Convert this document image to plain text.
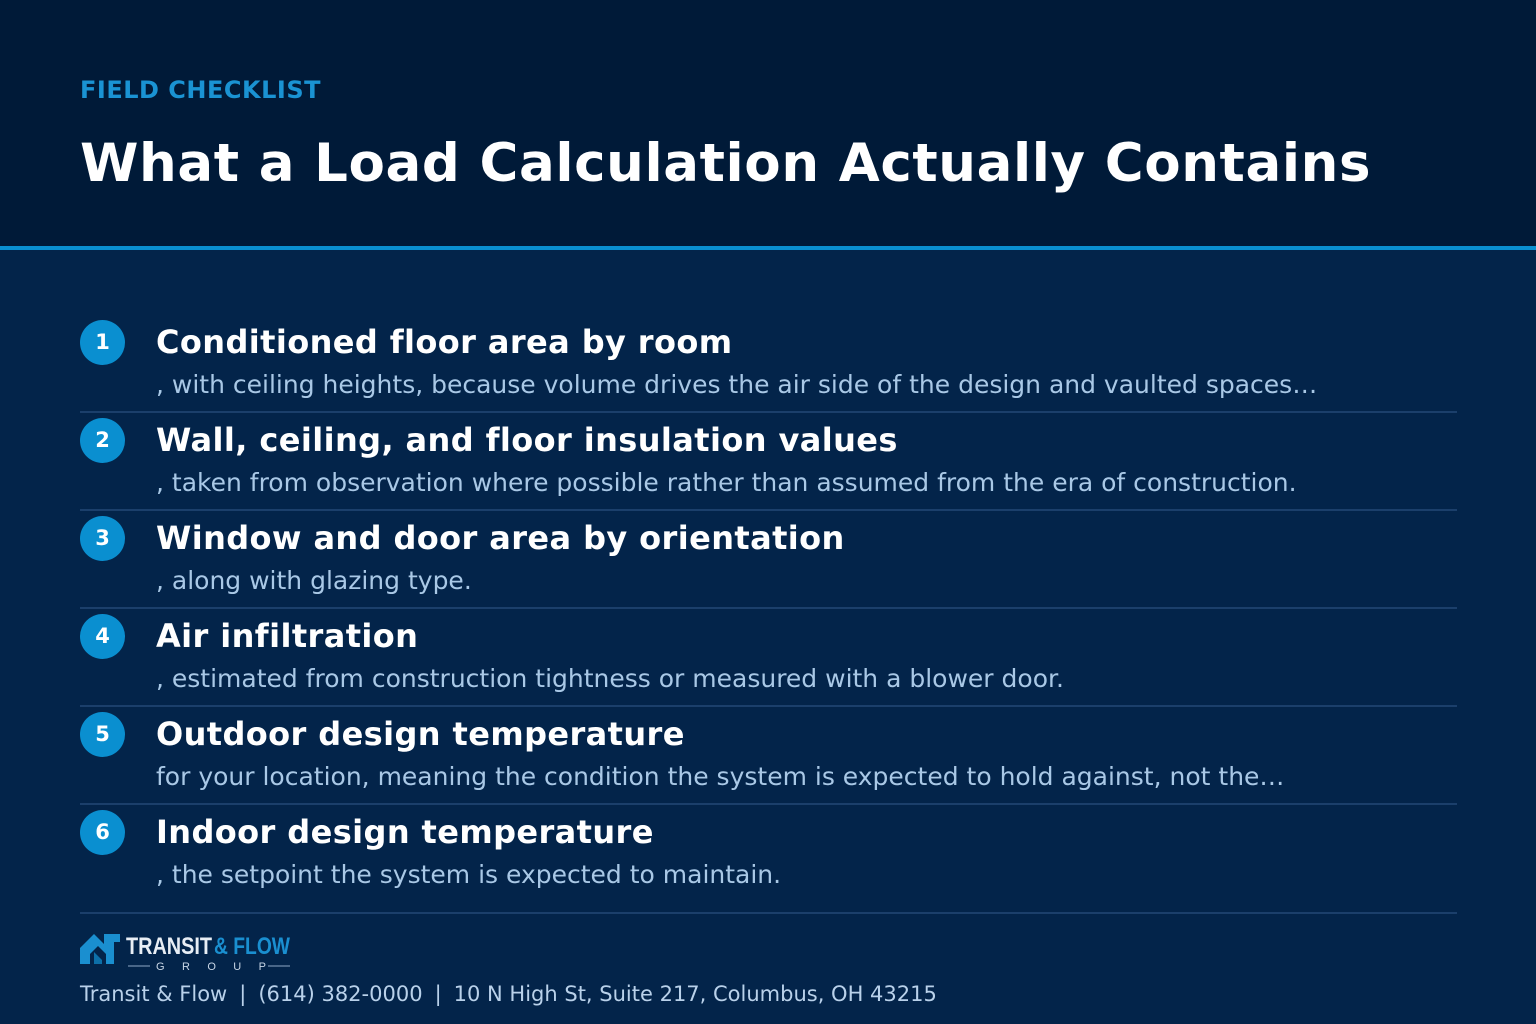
FIELD CHECKLIST
What a Load Calculation Actually Contains
1	Conditioned floor area by room
, with ceiling heights, because volume drives the air side of the design and vaulted spaces…
2	Wall, ceiling, and floor insulation values
, taken from observation where possible rather than assumed from the era of construction.
3	Window and door area by orientation
, along with glazing type.
4	Air infiltration
, estimated from construction tightness or measured with a blower door.
5	Outdoor design temperature
for your location, meaning the condition the system is expected to hold against, not the…
6	Indoor design temperature
, the setpoint the system is expected to maintain.
TRANSIT & FLOW
G R O U P
Transit & Flow | (614) 382-0000 | 10 N High St, Suite 217, Columbus, OH 43215
